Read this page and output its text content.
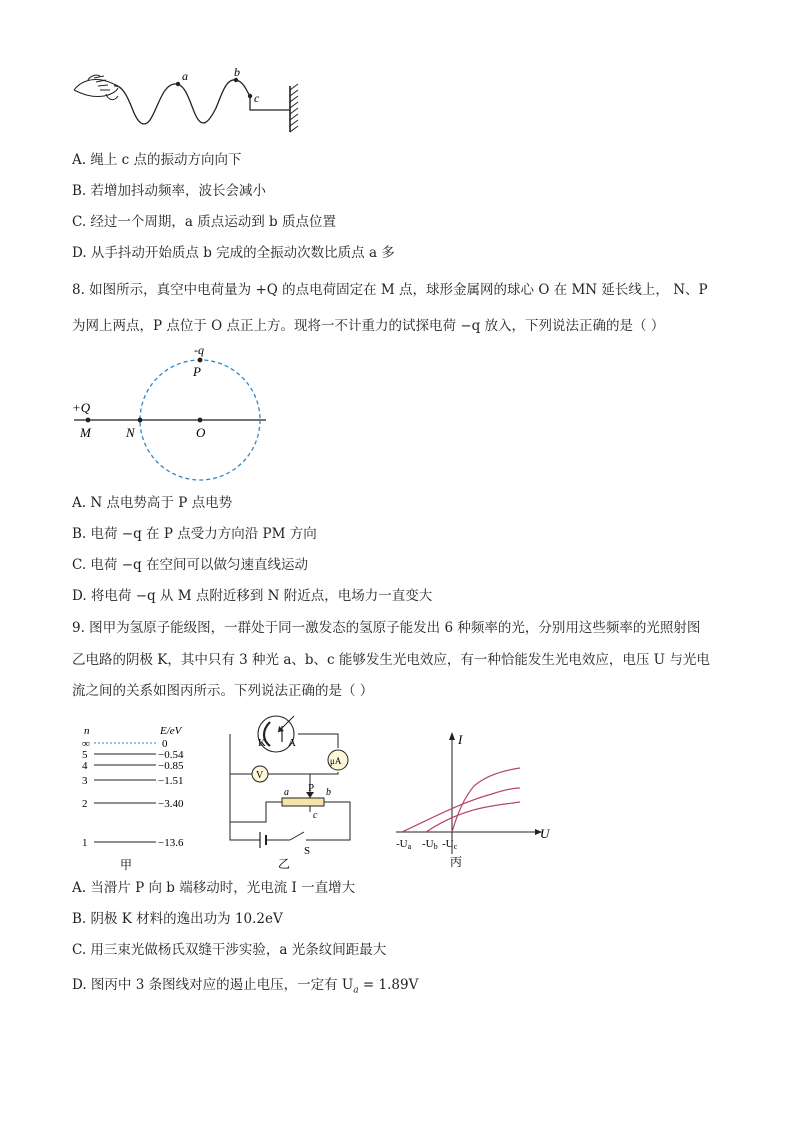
a	b
c
A. 绳上 c 点的振动方向向下
B. 若增加抖动频率，波长会减小
C. 经过一个周期，a 质点运动到 b 质点位置
D. 从手抖动开始质点 b 完成的全振动次数比质点 a 多
8. 如图所示，真空中电荷量为 +Q 的点电荷固定在 M 点，球形金属网的球心 O 在 MN 延长线上， N、P
为网上两点，P 点位于 O 点正上方。现将一不计重力的试探电荷 −q 放入，下列说法正确的是（ ）
-q
P
+Q
M	N	O
A. N 点电势高于 P 点电势
B. 电荷 −q 在 P 点受力方向沿 PM 方向
C. 电荷 −q 在空间可以做匀速直线运动
D. 将电荷 −q 从 M 点附近移到 N 附近点，电场力一直变大
9. 图甲为氢原子能级图，一群处于同一激发态的氢原子能发出 6 种频率的光，分别用这些频率的光照射图
乙电路的阴极 K，其中只有 3 种光 a、b、c 能够发生光电效应，有一种恰能发生光电效应，电压 U 与光电
流之间的关系如图丙所示。下列说法正确的是（ ）
n	E/eV
∞	0
5	−0.54
4	−0.85
3	−1.51
2	−3.40
1	−13.6
甲
K A
V
μA
P
a	b
c
S
乙
I
U
-Ua -Ub -Uc
丙
A. 当滑片 P 向 b 端移动时，光电流 I 一直增大
B. 阴极 K 材料的逸出功为 10.2eV
C. 用三束光做杨氏双缝干涉实验，a 光条纹间距最大
D. 图丙中 3 条图线对应的遏止电压，一定有 $U_a = 1.89V$
